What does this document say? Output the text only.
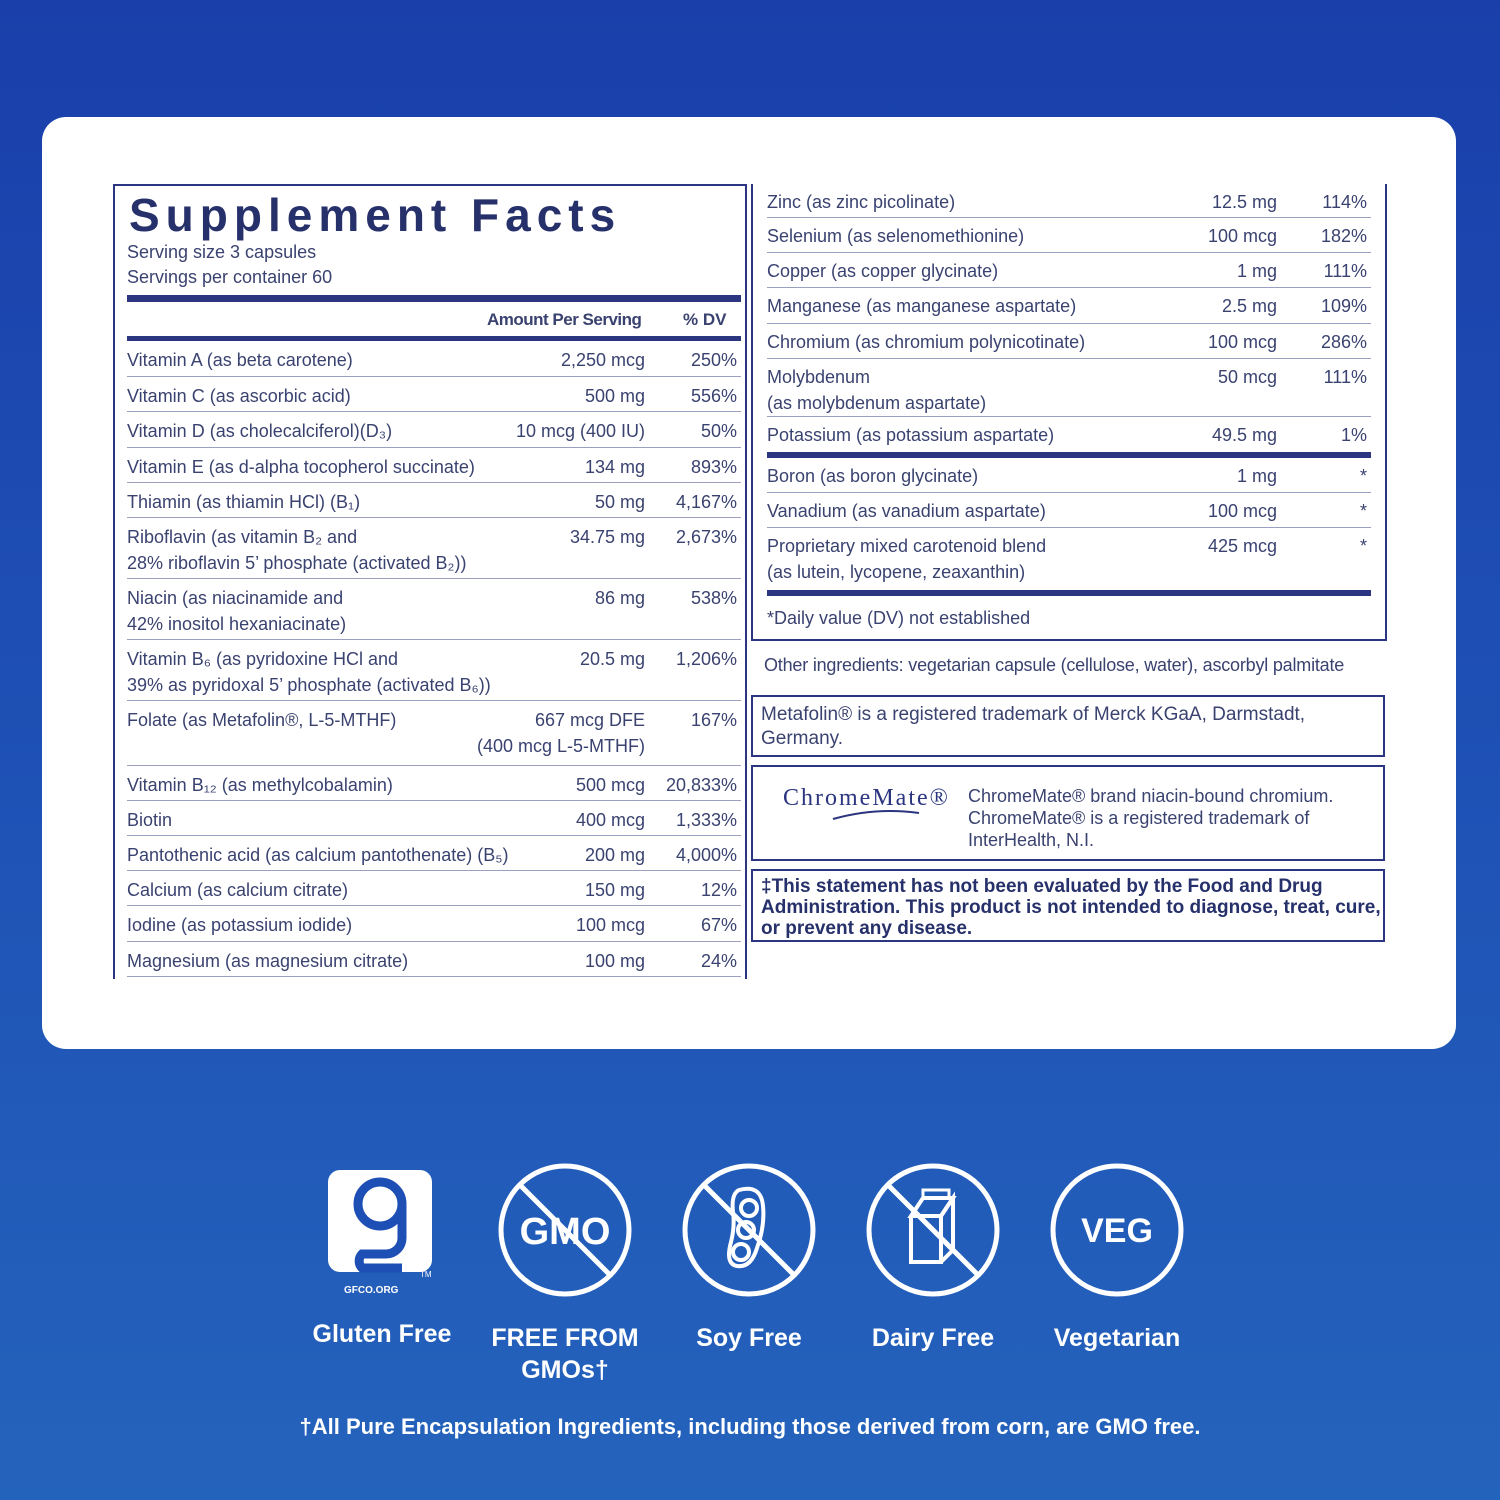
Supplement Facts
Serving size 3 capsules
Servings per container 60
Amount Per Serving % DV
Vitamin A (as beta carotene)	2,250 mcg	250%
Vitamin C (as ascorbic acid)	500 mg	556%
Vitamin D (as cholecalciferol)(D₃)	10 mcg (400 IU)	50%
Vitamin E (as d-alpha tocopherol succinate)	134 mg	893%
Thiamin (as thiamin HCl) (B₁)	50 mg 4,167%
Riboflavin (as vitamin B₂ and
28% riboflavin 5’ phosphate (activated B₂))
34.75 mg 2,673%
Niacin (as niacinamide and
42% inositol hexaniacinate)
86 mg	538%
Vitamin B₆ (as pyridoxine HCl and
39% as pyridoxal 5’ phosphate (activated B₆))
20.5 mg 1,206%
Folate (as Metafolin®, L-5-MTHF)	667 mcg DFE
(400 mcg L-5-MTHF)
167%
Vitamin B₁₂ (as methylcobalamin)	500 mcg 20,833%
Biotin	400 mcg 1,333%
Pantothenic acid (as calcium pantothenate) (B₅)	200 mg 4,000%
Calcium (as calcium citrate)	150 mg	12%
Iodine (as potassium iodide)	100 mcg	67%
Magnesium (as magnesium citrate)	100 mg	24%
Zinc (as zinc picolinate)	12.5 mg	114%
Selenium (as selenomethionine)	100 mcg 182%
Copper (as copper glycinate)	1 mg	111%
Manganese (as manganese aspartate)	2.5 mg 109%
Chromium (as chromium polynicotinate)	100 mcg 286%
Molybdenum
(as molybdenum aspartate)
50 mcg	111%
Potassium (as potassium aspartate)	49.5 mg	1%
Boron (as boron glycinate)	1 mg	*
Vanadium (as vanadium aspartate)	100 mcg	*
Proprietary mixed carotenoid blend
(as lutein, lycopene, zeaxanthin)
425 mcg	*
*Daily value (DV) not established
Other ingredients: vegetarian capsule (cellulose, water), ascorbyl palmitate

Metafolin® is a registered trademark of Merck KGaA, Darmstadt, Germany.

ChromeMate® ChromeMate® brand niacin-bound chromium. ChromeMate® is a registered trademark of InterHealth, N.I.

‡This statement has not been evaluated by the Food and Drug Administration. This product is not intended to diagnose, treat, cure, or prevent any disease.

TM
GFCO.ORG
Gluten Free
GMO
FREE FROM GMOs†
Soy Free	Dairy Free
VEG
Vegetarian
†All Pure Encapsulation Ingredients, including those derived from corn, are GMO free.
